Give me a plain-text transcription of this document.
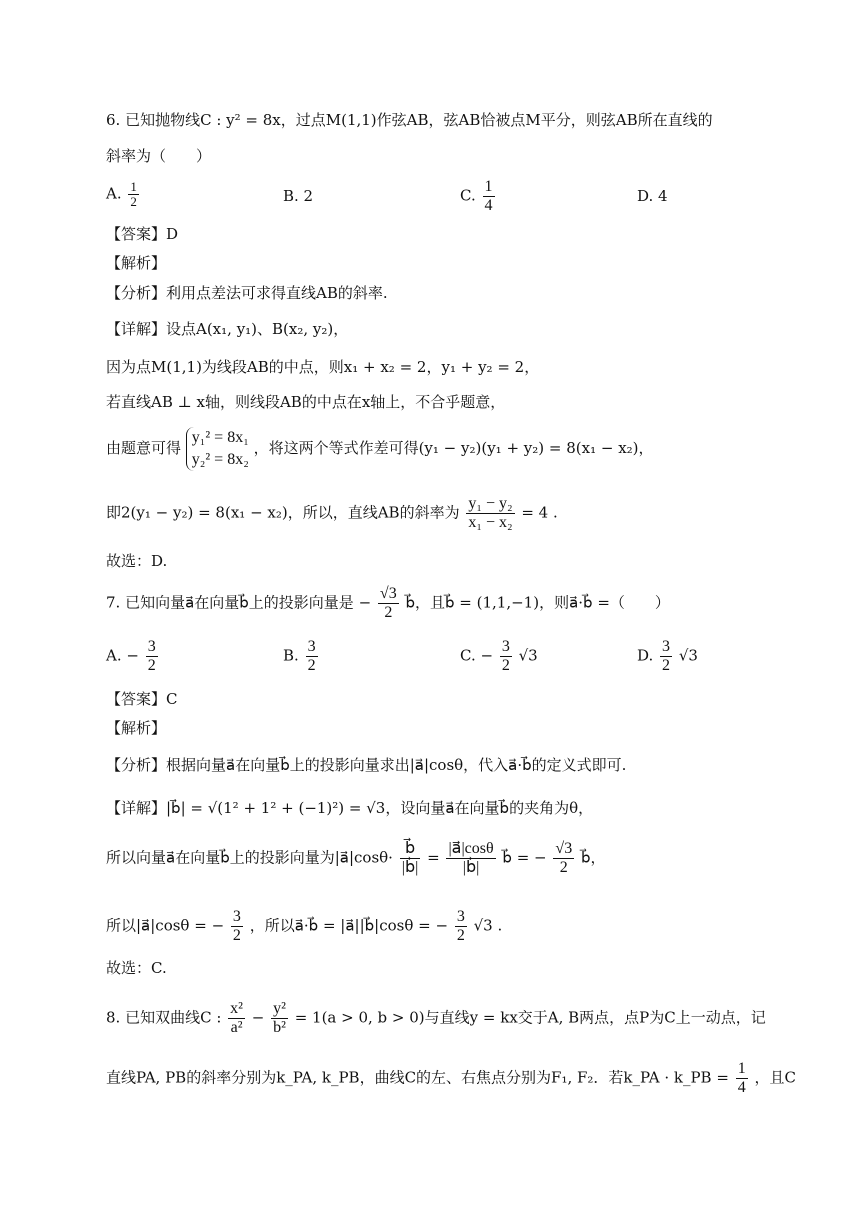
6. 已知抛物线C : y² = 8x，过点M(1,1)作弦AB，弦AB恰被点M平分，则弦AB所在直线的
斜率为（　　）
A. $\frac{1}{2}$	B. 2	C. $\frac{1}{4}$	D. 4
【答案】D
【解析】
【分析】利用点差法可求得直线AB的斜率.
【详解】设点A(x₁, y₁)、B(x₂, y₂)，
因为点M(1,1)为线段AB的中点，则x₁ + x₂ = 2，y₁ + y₂ = 2，
若直线AB ⊥ x轴，则线段AB的中点在x轴上，不合乎题意，
由题意可得
y₁² = 8x₁
y₂² = 8x₂
，将这两个等式作差可得(y₁ − y₂)(y₁ + y₂) = 8(x₁ − x₂)，
即2(y₁ − y₂) = 8(x₁ − x₂)，所以，直线AB的斜率为 $\frac{\text{y₁ − y₂}}{\text{x₁ − x₂}} = 4$ .
故选：D.
7. 已知向量a⃗在向量b⃗上的投影向量是 − $\frac{√3}{2}$ b⃗，且b⃗ = (1,1,−1)，则a⃗·b⃗ =（　　）
A. − $\frac{3}{2}$	B. $\frac{3}{2}$	C. − $\frac{3}{2} √3$	D. $\frac{3}{2} √3$
【答案】C
【解析】
【分析】根据向量a⃗在向量b⃗上的投影向量求出|a⃗|cosθ，代入a⃗·b⃗的定义式即可.
【详解】|b⃗| = √(1² + 1² + (−1)²) = √3，设向量a⃗在向量b⃗的夹角为θ，
所以向量a⃗在向量b⃗上的投影向量为|a⃗|cosθ· $\frac{b⃗}{|b⃗|} = \frac{|a⃗|\cos\theta}{|b⃗|}$ b⃗ = − $\frac{√3}{2}$ b⃗，
所以|a⃗|cosθ = − $\frac{3}{2}$ ，所以a⃗·b⃗ = |a⃗||b⃗|cosθ = − $\frac{3}{2} √3$ .
故选：C.
8. 已知双曲线C : $\frac{\text{x²}}{\text{a²}} - \frac{\text{y²}}{\text{b²}} = 1(a > 0$, b > 0)与直线y = kx交于A, B两点，点P为C上一动点，记
直线PA, PB的斜率分别为k_PA, k_PB，曲线C的左、右焦点分别为F₁, F₂．若k_PA · k_PB = $\frac{1}{4}$ ，且C
